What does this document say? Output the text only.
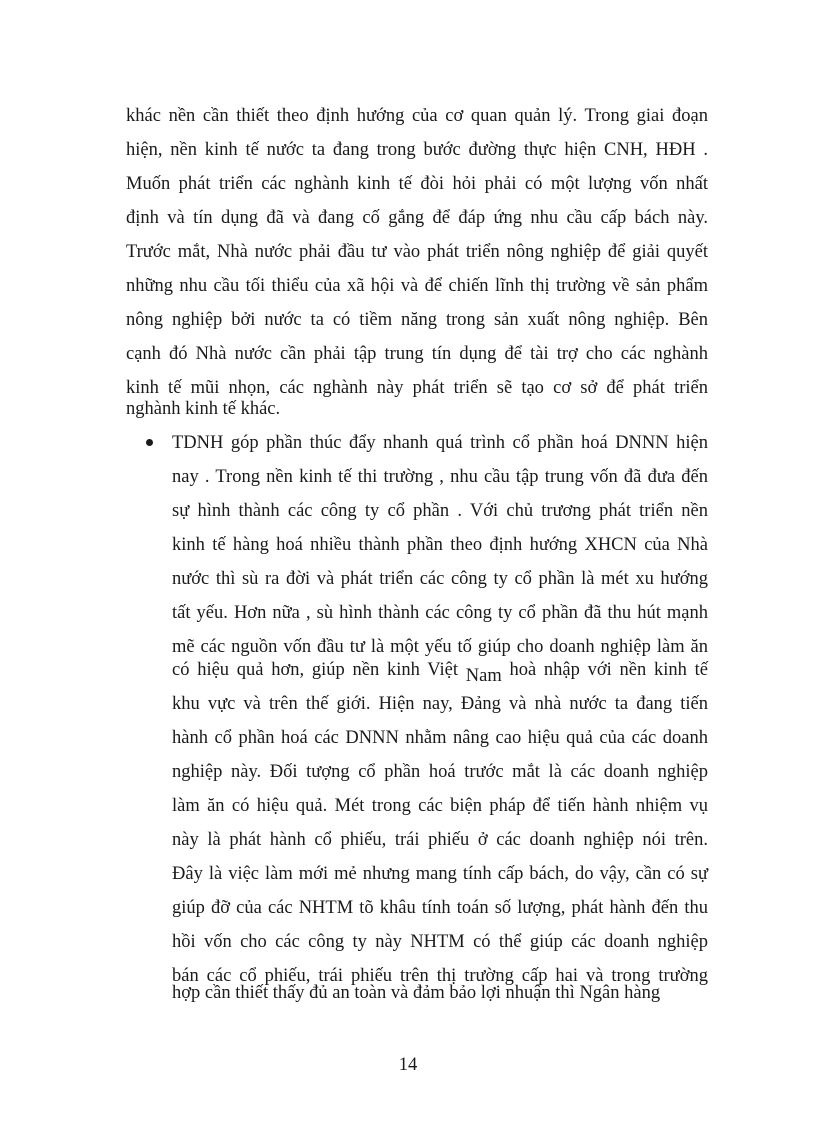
khác nền cần thiết theo định hướng của cơ quan quản lý. Trong giai đoạn
hiện, nền kinh tế nước ta đang trong bước đường thực hiện CNH, HĐH .
Muốn phát triển các nghành kinh tế đòi hỏi phải có một lượng vốn nhất
định và tín dụng đã và đang cố gắng để đáp ứng nhu cầu cấp bách này.
Trước mắt, Nhà nước phải đầu tư vào phát triển nông nghiệp để giải quyết
những nhu cầu tối thiểu của xã hội và để chiến lĩnh thị trường về sản phẩm
nông nghiệp bởi nước ta có tiềm năng trong sản xuất nông nghiệp. Bên
cạnh đó Nhà nước cần phải tập trung tín dụng để tài trợ cho các nghành
kinh tế mũi nhọn, các nghành này phát triển sẽ tạo cơ sở để phát triển
nghành kinh tế khác.
TDNH góp phần thúc đẩy nhanh quá trình cổ phần hoá DNNN hiện
nay . Trong nền kinh tế thi trường , nhu cầu tập trung vốn đã đưa đến
sự hình thành các công ty cổ phần . Với chủ trương phát triển nền
kinh tế hàng hoá nhiều thành phần theo định hướng XHCN của Nhà
nước thì sù ra đời và phát triển các công ty cổ phần là mét xu hướng
tất yếu. Hơn nữa , sù hình thành các công ty cổ phần đã thu hút mạnh
mẽ các nguồn vốn đầu tư là một yếu tố giúp cho doanh nghiệp làm ăn
có hiệu quả hơn, giúp nền kinh Việt Nam hoà nhập với nền kinh tế
khu vực và trên thế giới. Hiện nay, Đảng và nhà nước ta đang tiến
hành cổ phần hoá các DNNN nhằm nâng cao hiệu quả của các doanh
nghiệp này. Đối tượng cổ phần hoá trước mắt là các doanh nghiệp
làm ăn có hiệu quả. Mét trong các biện pháp để tiến hành nhiệm vụ
này là phát hành cổ phiếu, trái phiếu ở các doanh nghiệp nói trên.
Đây là việc làm mới mẻ nhưng mang tính cấp bách, do vậy, cần có sự
giúp đỡ của các NHTM tõ khâu tính toán số lượng, phát hành đến thu
hồi vốn cho các công ty này NHTM có thể giúp các doanh nghiệp
bán các cổ phiếu, trái phiếu trên thị trường cấp hai và trong trường
hợp cần thiết thấy đủ an toàn và đảm bảo lợi nhuận thì Ngân hàng
14
